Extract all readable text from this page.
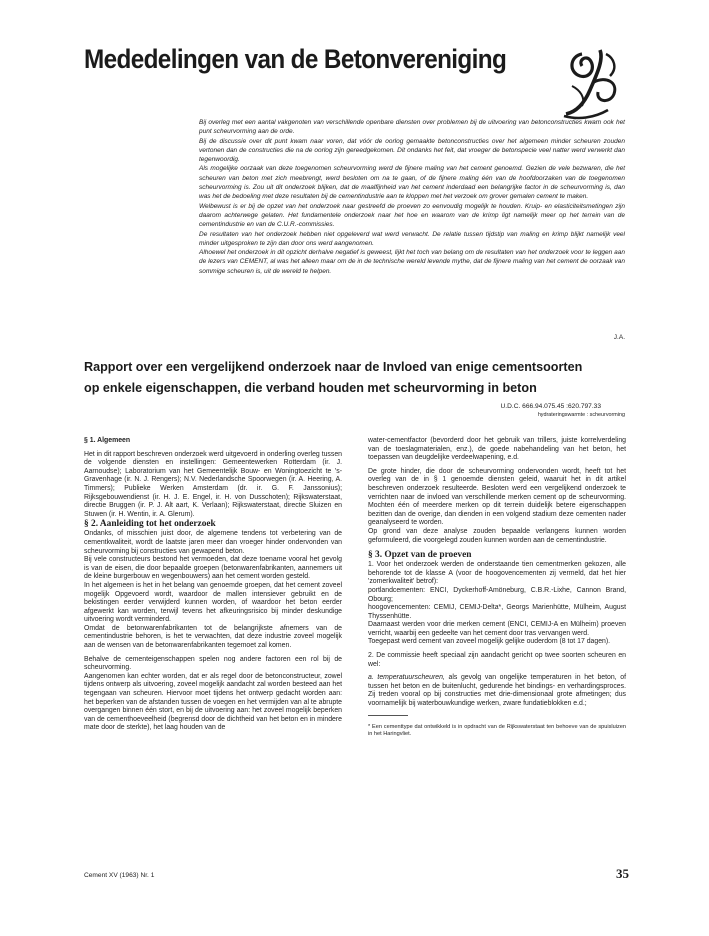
Mededelingen van de Betonvereniging

Bij overleg met een aantal vakgenoten van verschillende openbare diensten over problemen bij de uitvoering van betonconstructies kwam ook het punt scheurvorming aan de orde.

Bij de discussie over dit punt kwam naar voren, dat vóór de oorlog gemaakte betonconstructies over het algemeen minder scheuren zouden vertonen dan de constructies die na de oorlog zijn gereedgekomen. Dit ondanks het feit, dat vroeger de betonspecie veel natter werd verwerkt dan tegenwoordig.

Als mogelijke oorzaak van deze toegenomen scheurvorming werd de fijnere maling van het cement genoemd. Gezien de vele bezwaren, die het scheuren van beton met zich meebrengt, werd besloten om na te gaan, of de fijnere maling één van de hoofdoorzaken van de toegenomen scheurvorming is. Zou uit dit onderzoek blijken, dat de maalfijnheid van het cement inderdaad een belangrijke factor in de scheurvorming is, dan was het de bedoeling met deze resultaten bij de cementindustrie aan te kloppen met het verzoek om grover gemalen cement te maken.

Welbewust is er bij de opzet van het onderzoek naar gestreefd de proeven zo eenvoudig mogelijk te houden. Kruip- en elasticiteitsmetingen zijn daarom achterwege gelaten. Het fundamentele onderzoek naar het hoe en waarom van de krimp ligt namelijk meer op het terrein van de cementindustrie en van de C.U.R.-commissies.

De resultaten van het onderzoek hebben niet opgeleverd wat werd verwacht. De relatie tussen tijdstip van maling en krimp blijkt namelijk veel minder uitgesproken te zijn dan door ons werd aangenomen.

Alhoewel het onderzoek in dit opzicht derhalve negatief is geweest, lijkt het toch van belang om de resultaten van het onderzoek voor te leggen aan de lezers van CEMENT, al was het alleen maar om de in de technische wereld levende mythe, dat de fijnere maling van het cement de oorzaak van sommige scheuren is, uit de wereld te helpen.

J.A.
Rapport over een vergelijkend onderzoek naar de Invloed van enige cementsoorten
op enkele eigenschappen, die verband houden met scheurvorming in beton
U.D.C. 666.94.075.45 :620.797.33
hydrateringswarmte : scheurvorming

§ 1. Algemeen

Het in dit rapport beschreven onderzoek werd uitgevoerd in onderling overleg tussen de volgende diensten en instellingen: Gemeentewerken Rotterdam (ir. J. Aarnoudse); Laboratorium van het Gemeentelijk Bouw- en Woningtoezicht te 's-Gravenhage (ir. N. J. Rengers); N.V. Nederlandsche Spoorwegen (ir. A. Heering, A. Timmers); Publieke Werken Amsterdam (dr. ir. G. F. Janssonius); Rijksgebouwendienst (ir. H. J. E. Engel, ir. H. von Dusschoten); Rijkswaterstaat, directie Bruggen (ir. P. J. Alt aart, K. Verlaan); Rijkswaterstaat, directie Sluizen en Stuwen (ir. H. Wentin, ir. A. Glerum).

§ 2. Aanleiding tot het onderzoek

Ondanks, of misschien juist door, de algemene tendens tot verbetering van de cementkwaliteit, wordt de laatste jaren meer dan vroeger hinder ondervonden van scheurvorming bij constructies van gewapend beton.

Bij vele constructeurs bestond het vermoeden, dat deze toename vooral het gevolg is van de eisen, die door bepaalde groepen (betonwarenfabrikanten, aannemers uit de kleine burgerbouw en wegenbouwers) aan het cement worden gesteld.

In het algemeen is het in het belang van genoemde groepen, dat het cement zoveel mogelijk Opgevoerd wordt, waardoor de mallen intensiever gebruikt en de bekistingen eerder verwijderd kunnen worden, of waardoor het beton eerder afgewerkt kan worden, terwijl tevens het afkeuringsrisico bij minder deskundige uitvoering wordt verminderd.

Omdat de betonwarenfabrikanten tot de belangrijkste afnemers van de cementindustrie behoren, is het te verwachten, dat deze industrie zoveel mogelijk aan de wensen van de betonwarenfabrikanten tegemoet zal komen.

Behalve de cementeigenschappen spelen nog andere factoren een rol bij de scheurvorming.

Aangenomen kan echter worden, dat er als regel door de betonconstructeur, zowel tijdens ontwerp als uitvoering, zoveel mogelijk aandacht zal worden besteed aan het tegengaan van scheuren. Hiervoor moet tijdens het ontwerp gedacht worden aan: het beperken van de afstanden tussen de voegen en het vermijden van al te abrupte overgangen binnen één stort, en bij de uitvoering aan: het zoveel mogelijk beperken van de cementhoeveelheid (begrensd door de dichtheid van het beton en in mindere mate door de sterkte), het laag houden van de

water-cementfactor (bevorderd door het gebruik van trillers, juiste korrelverdeling van de toeslagmaterialen, enz.), de goede nabehandeling van het beton, het toepassen van deugdelijke verdeelwapening, e.d.

De grote hinder, die door de scheurvorming ondervonden wordt, heeft tot het overleg van de in § 1 genoemde diensten geleid, waaruit het in dit artikel beschreven onderzoek resulteerde. Besloten werd een vergelijkend onderzoek te verrichten naar de invloed van verschillende merken cement op de scheurvorming. Mochten één of meerdere merken op dit terrein duidelijk betere eigenschappen bezitten dan de overige, dan dienden in een volgend stadium deze cementen nader geanalyseerd te worden.

Op grond van deze analyse zouden bepaalde verlangens kunnen worden geformuleerd, die voorgelegd zouden kunnen worden aan de cementindustrie.

§ 3. Opzet van de proeven

1. Voor het onderzoek werden de onderstaande tien cementmerken gekozen, alle behorende tot de klasse A (voor de hoogovencementen zij vermeld, dat het hier 'zomerkwaliteit' betrof):

portlandcementen: ENCI, Dyckerhoff-Amöneburg, C.B.R.-Lixhe, Cannon Brand, Obourg;

hoogovencementen: CEMIJ, CEMIJ-Delta*, Georgs Marienhütte, Mülheim, August Thyssenhütte.

Daarnaast werden voor drie merken cement (ENCI, CEMIJ-A en Mülheim) proeven verricht, waarbij een gedeelte van het cement door tras vervangen werd.

Toegepast werd cement van zoveel mogelijk gelijke ouderdom (8 tot 17 dagen).

2. De commissie heeft speciaal zijn aandacht gericht op twee soorten scheuren en wel:

a. temperatuurscheuren, als gevolg van ongelijke temperaturen in het beton, of tussen het beton en de buitenlucht, gedurende het bindings- en verhardingsproces. Zij treden vooral op bij constructies met drie-dimensionaal grote afmetingen; dus voornamelijk bij waterbouwkundige werken, zware fundatieblokken e.d.;

* Een cementtype dat ontwikkeld is in opdracht van de Rijkswaterstaat ten behoeve van de spuisluizen in het Haringvliet.

Cement XV (1963) Nr. 1	35
